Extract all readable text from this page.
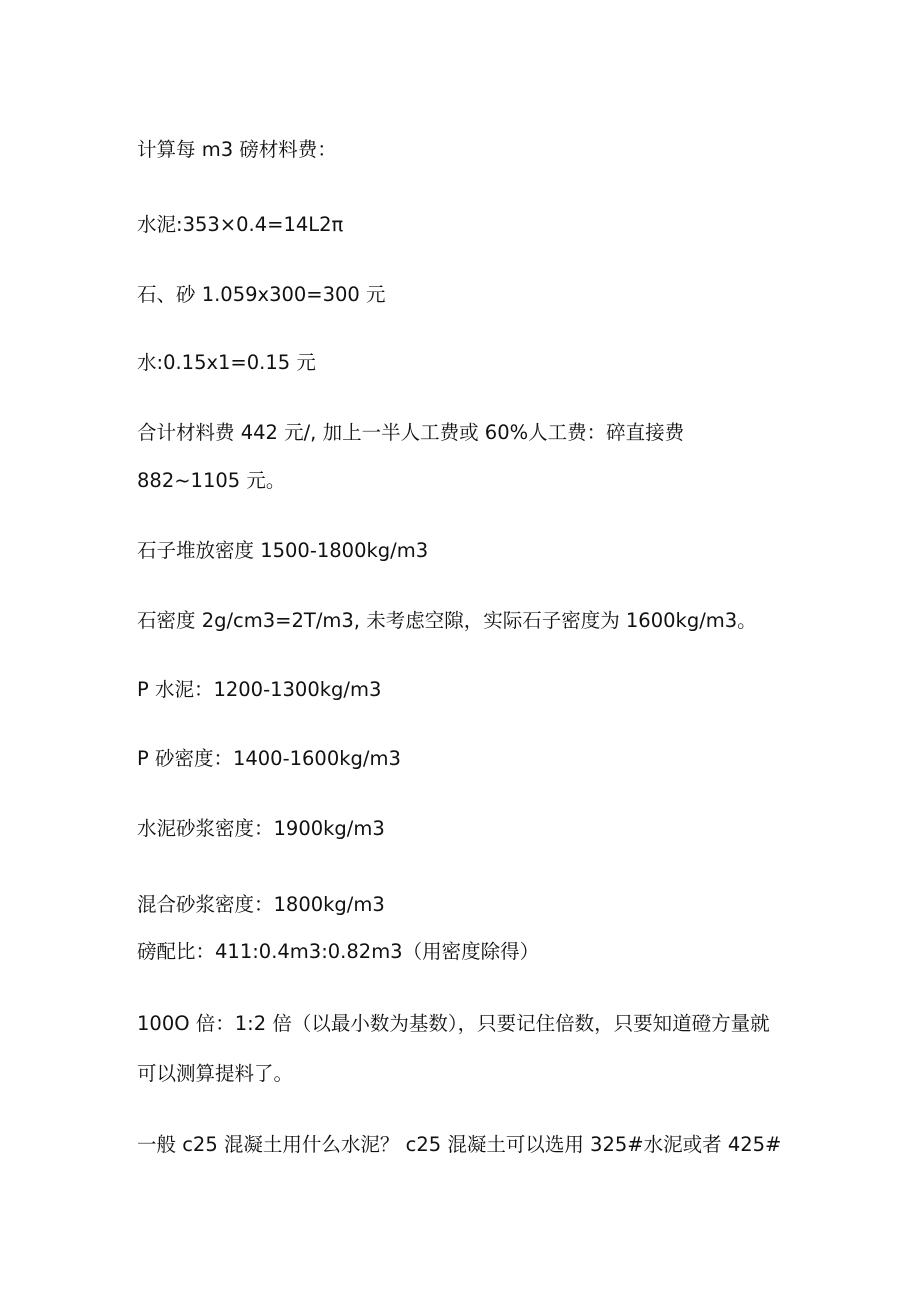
计算每 m3 磅材料费：
水泥:353×0.4=14L2π
石、砂 1.059x300=300 元
水:0.15x1=0.15 元
合计材料费 442 元/, 加上一半人工费或 60%人工费：碎直接费
882~1105 元。
石子堆放密度 1500-1800kg/m3
石密度 2g/cm3=2T/m3, 未考虑空隙，实际石子密度为 1600kg/m3。
P 水泥：1200-1300kg/m3
P 砂密度：1400-1600kg/m3
水泥砂浆密度：1900kg/m3
混合砂浆密度：1800kg/m3
磅配比：411:0.4m3:0.82m3（用密度除得）
100O 倍：1:2 倍（以最小数为基数），只要记住倍数，只要知道磴方量就
可以测算提料了。
一般 c25 混凝土用什么水泥？ c25 混凝土可以选用 325#水泥或者 425#
